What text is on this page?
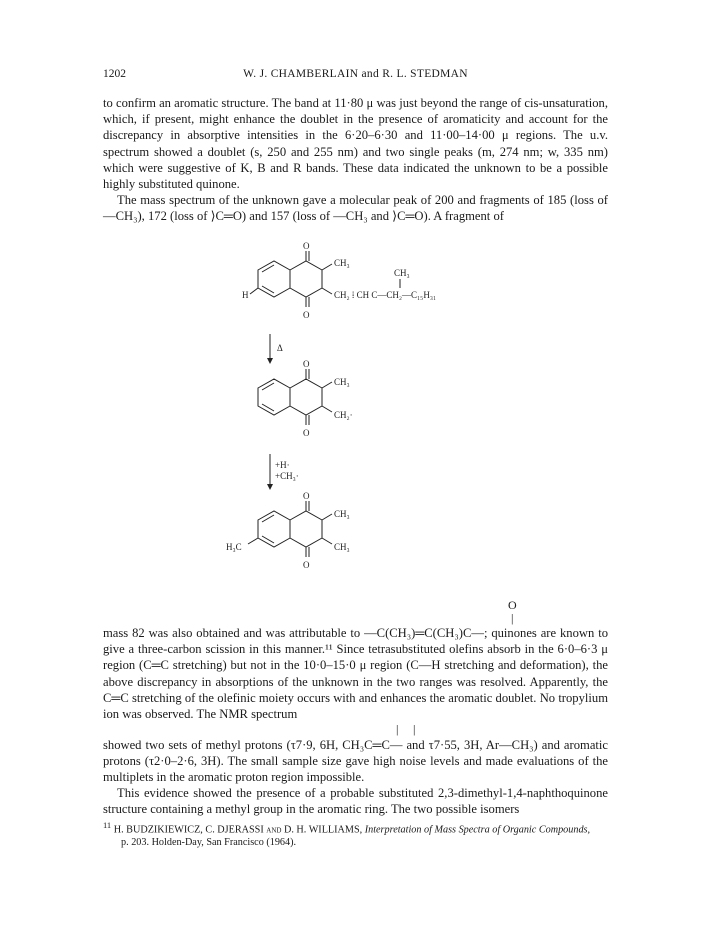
1202	W. J. CHAMBERLAIN and R. L. STEDMAN

to confirm an aromatic structure. The band at 11·80 μ was just beyond the range of cis-unsaturation, which, if present, might enhance the doublet in the presence of aromaticity and account for the discrepancy in absorptive intensities in the 6·20–6·30 and 11·00–14·00 μ regions. The u.v. spectrum showed a doublet (s, 250 and 255 nm) and two single peaks (m, 274 nm; w, 335 nm) which were suggestive of K, B and R bands. These data indicated the unknown to be a possible highly substituted quinone.

The mass spectrum of the unknown gave a molecular peak of 200 and fragments of 185 (loss of —CH₃), 172 (loss of ⟩C═O) and 157 (loss of —CH₃ and ⟩C═O). A fragment of

O
O
CH₃
H
CH₃
CH₂ ⁞ CH C—CH₂—C₁₅H₃₁
Δ
O
O
CH₃
CH₂·
+H·
+CH₃·
O
O
CH₃
CH₃
H₃C
O
|

mass 82 was also obtained and was attributable to —C(CH₃)═C(CH₃)C—; quinones are known to give a three-carbon scission in this manner.¹¹ Since tetrasubstituted olefins absorb in the 6·0–6·3 μ region (C═C stretching) but not in the 10·0–15·0 μ region (C—H stretching and deformation), the above discrepancy in absorptions of the unknown in the two ranges was resolved. Apparently, the C═C stretching of the olefinic moiety occurs with and enhances the aromatic doublet. No tropylium ion was observed. The NMR spectrum

| |

showed two sets of methyl protons (τ7·9, 6H, CH₃C═C— and τ7·55, 3H, Ar—CH₃) and aromatic protons (τ2·0–2·6, 3H). The small sample size gave high noise levels and made evaluations of the multiplets in the aromatic proton region impossible.

This evidence showed the presence of a probable substituted 2,3-dimethyl-1,4-naphthoquinone structure containing a methyl group in the aromatic ring. The two possible isomers

$^{11}$ H. BUDZIKIEWICZ, C. DJERASSI and D. H. WILLIAMS, Interpretation of Mass Spectra of Organic Compounds,
p. 203. Holden-Day, San Francisco (1964).
